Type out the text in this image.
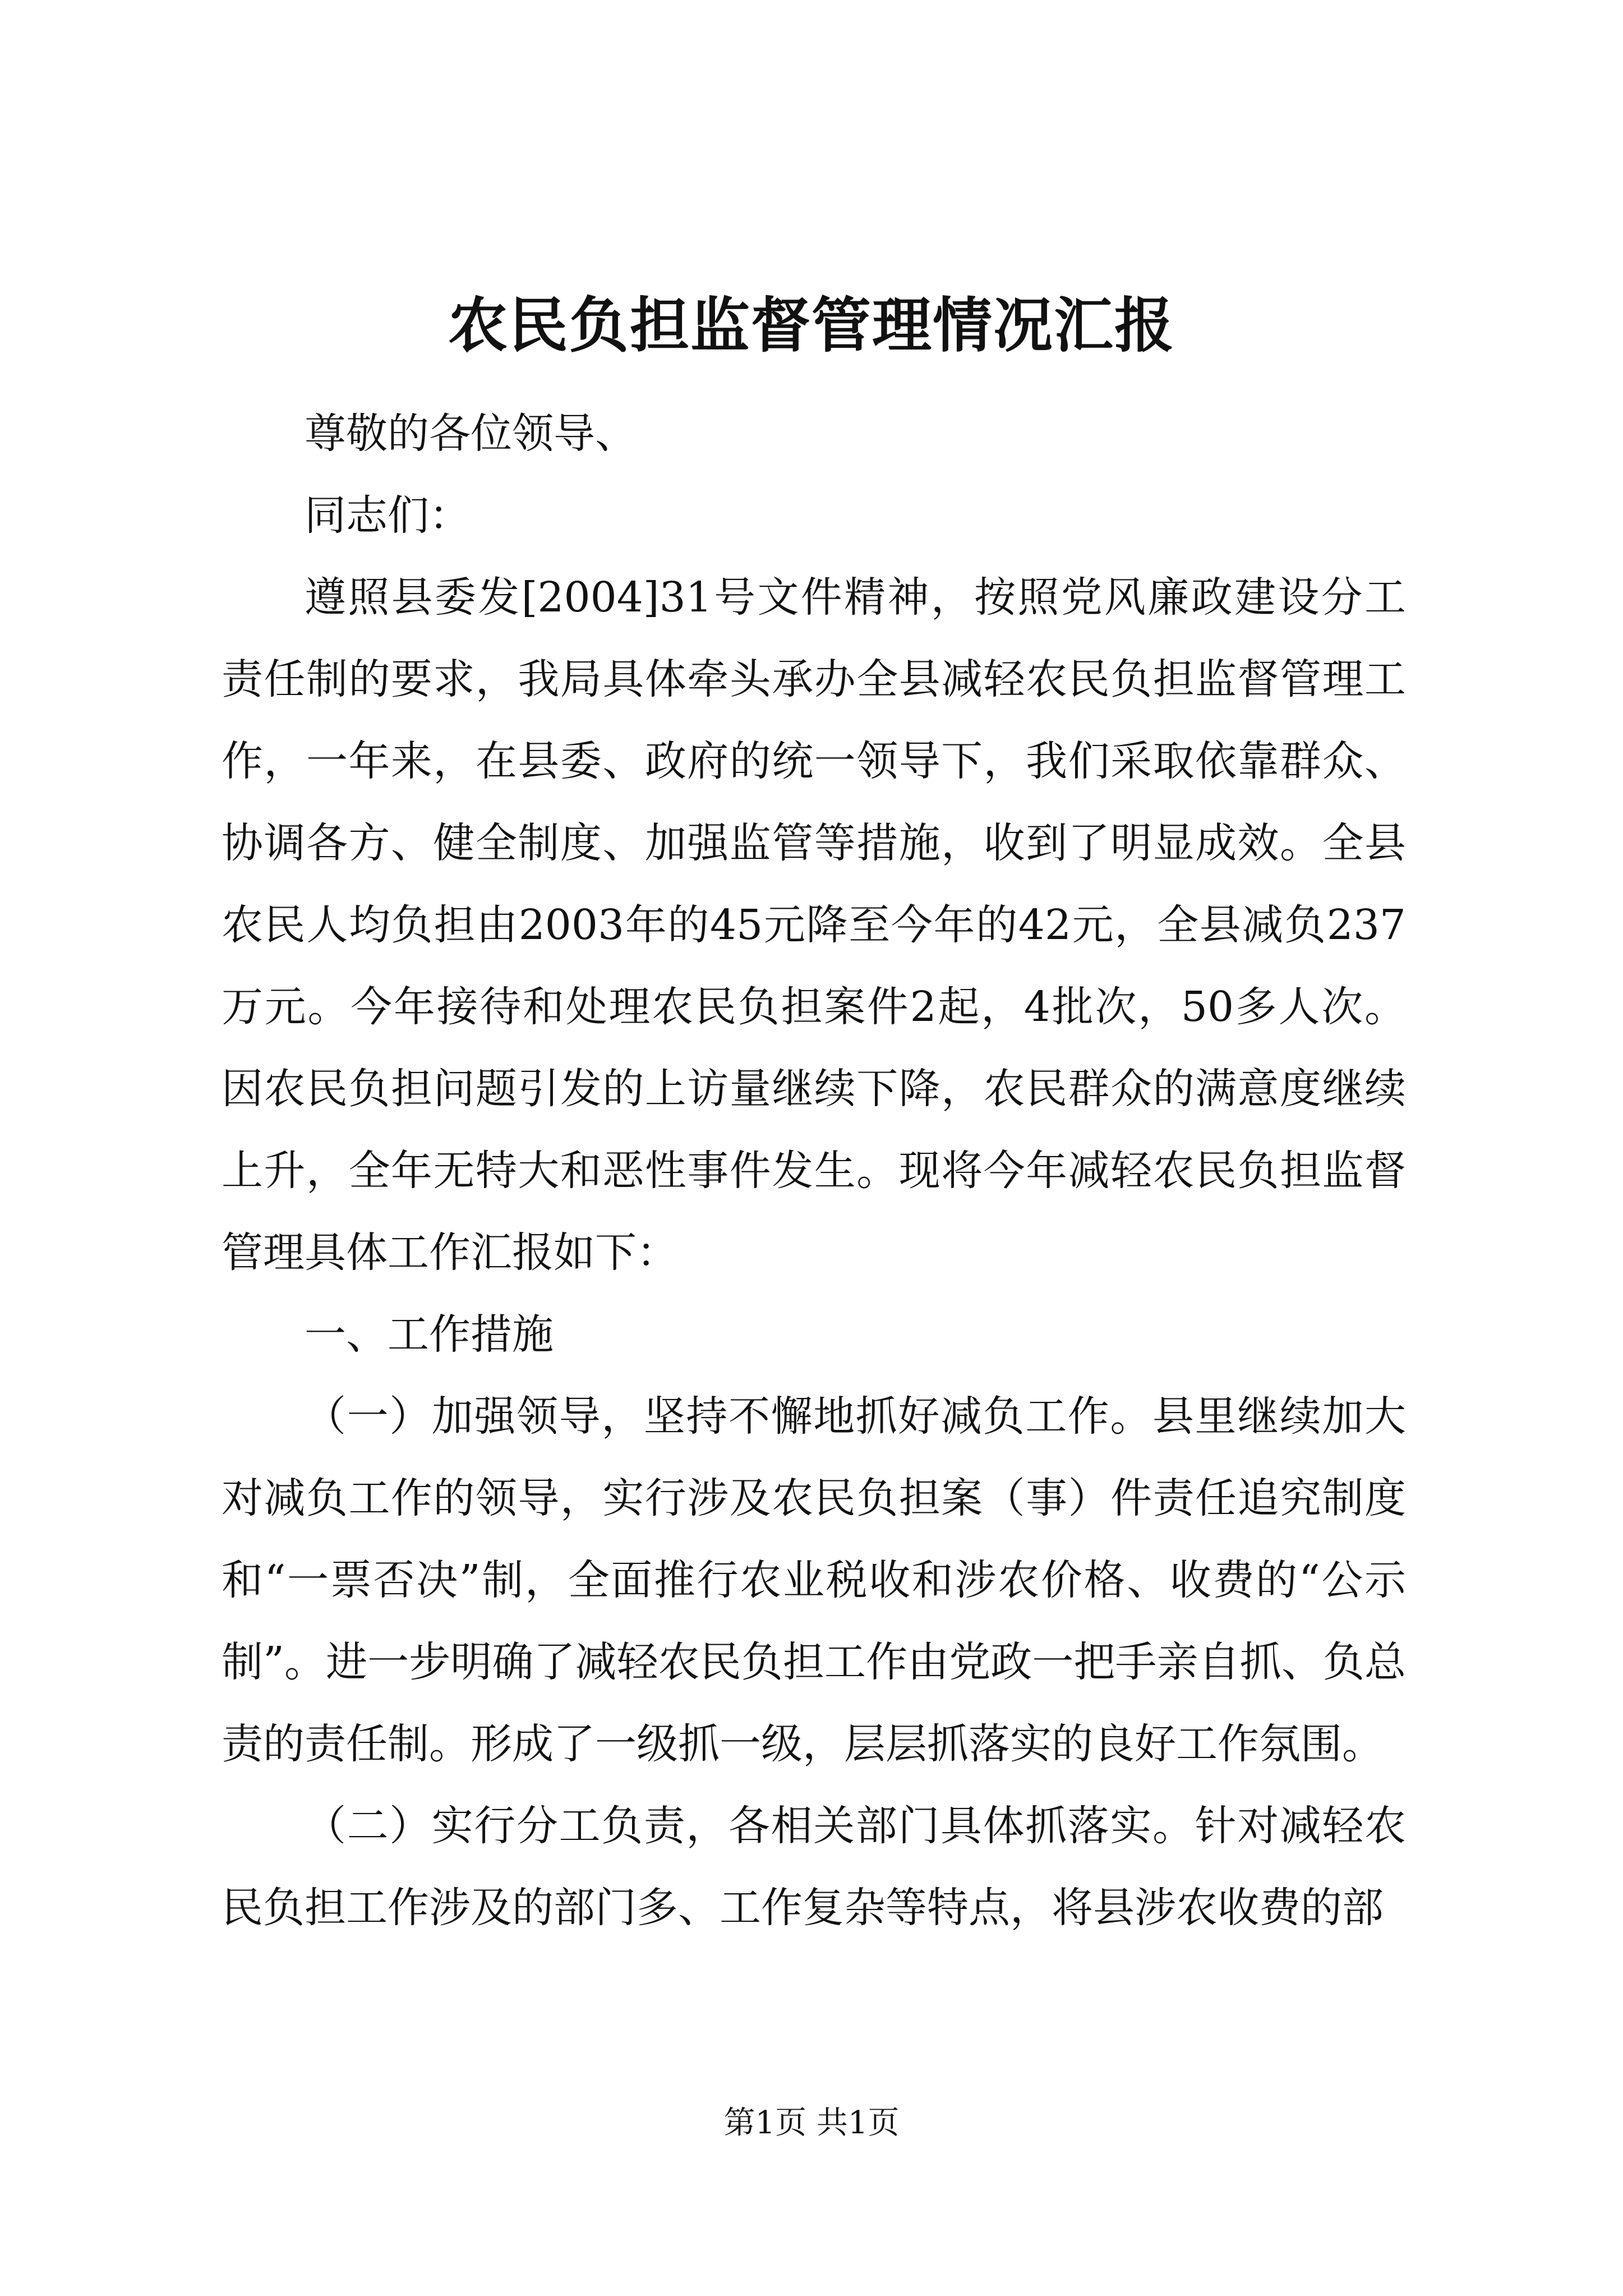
农民负担监督管理情况汇报

尊敬的各位领导、

同志们：

遵照县委发[2004]31号文件精神，按照党风廉政建设分工责任制的要求，我局具体牵头承办全县减轻农民负担监督管理工作，一年来，在县委、政府的统一领导下，我们采取依靠群众、协调各方、健全制度、加强监管等措施，收到了明显成效。全县农民人均负担由2003年的45元降至今年的42元，全县减负237万元。今年接待和处理农民负担案件2起，4批次，50多人次。因农民负担问题引发的上访量继续下降，农民群众的满意度继续上升，全年无特大和恶性事件发生。现将今年减轻农民负担监督管理具体工作汇报如下：

一、工作措施

（一）加强领导，坚持不懈地抓好减负工作。县里继续加大对减负工作的领导，实行涉及农民负担案（事）件责任追究制度和“一票否决”制，全面推行农业税收和涉农价格、收费的“公示制”。进一步明确了减轻农民负担工作由党政一把手亲自抓、负总责的责任制。形成了一级抓一级，层层抓落实的良好工作氛围。

（二）实行分工负责，各相关部门具体抓落实。针对减轻农民负担工作涉及的部门多、工作复杂等特点，将县涉农收费的部

第1页 共1页
